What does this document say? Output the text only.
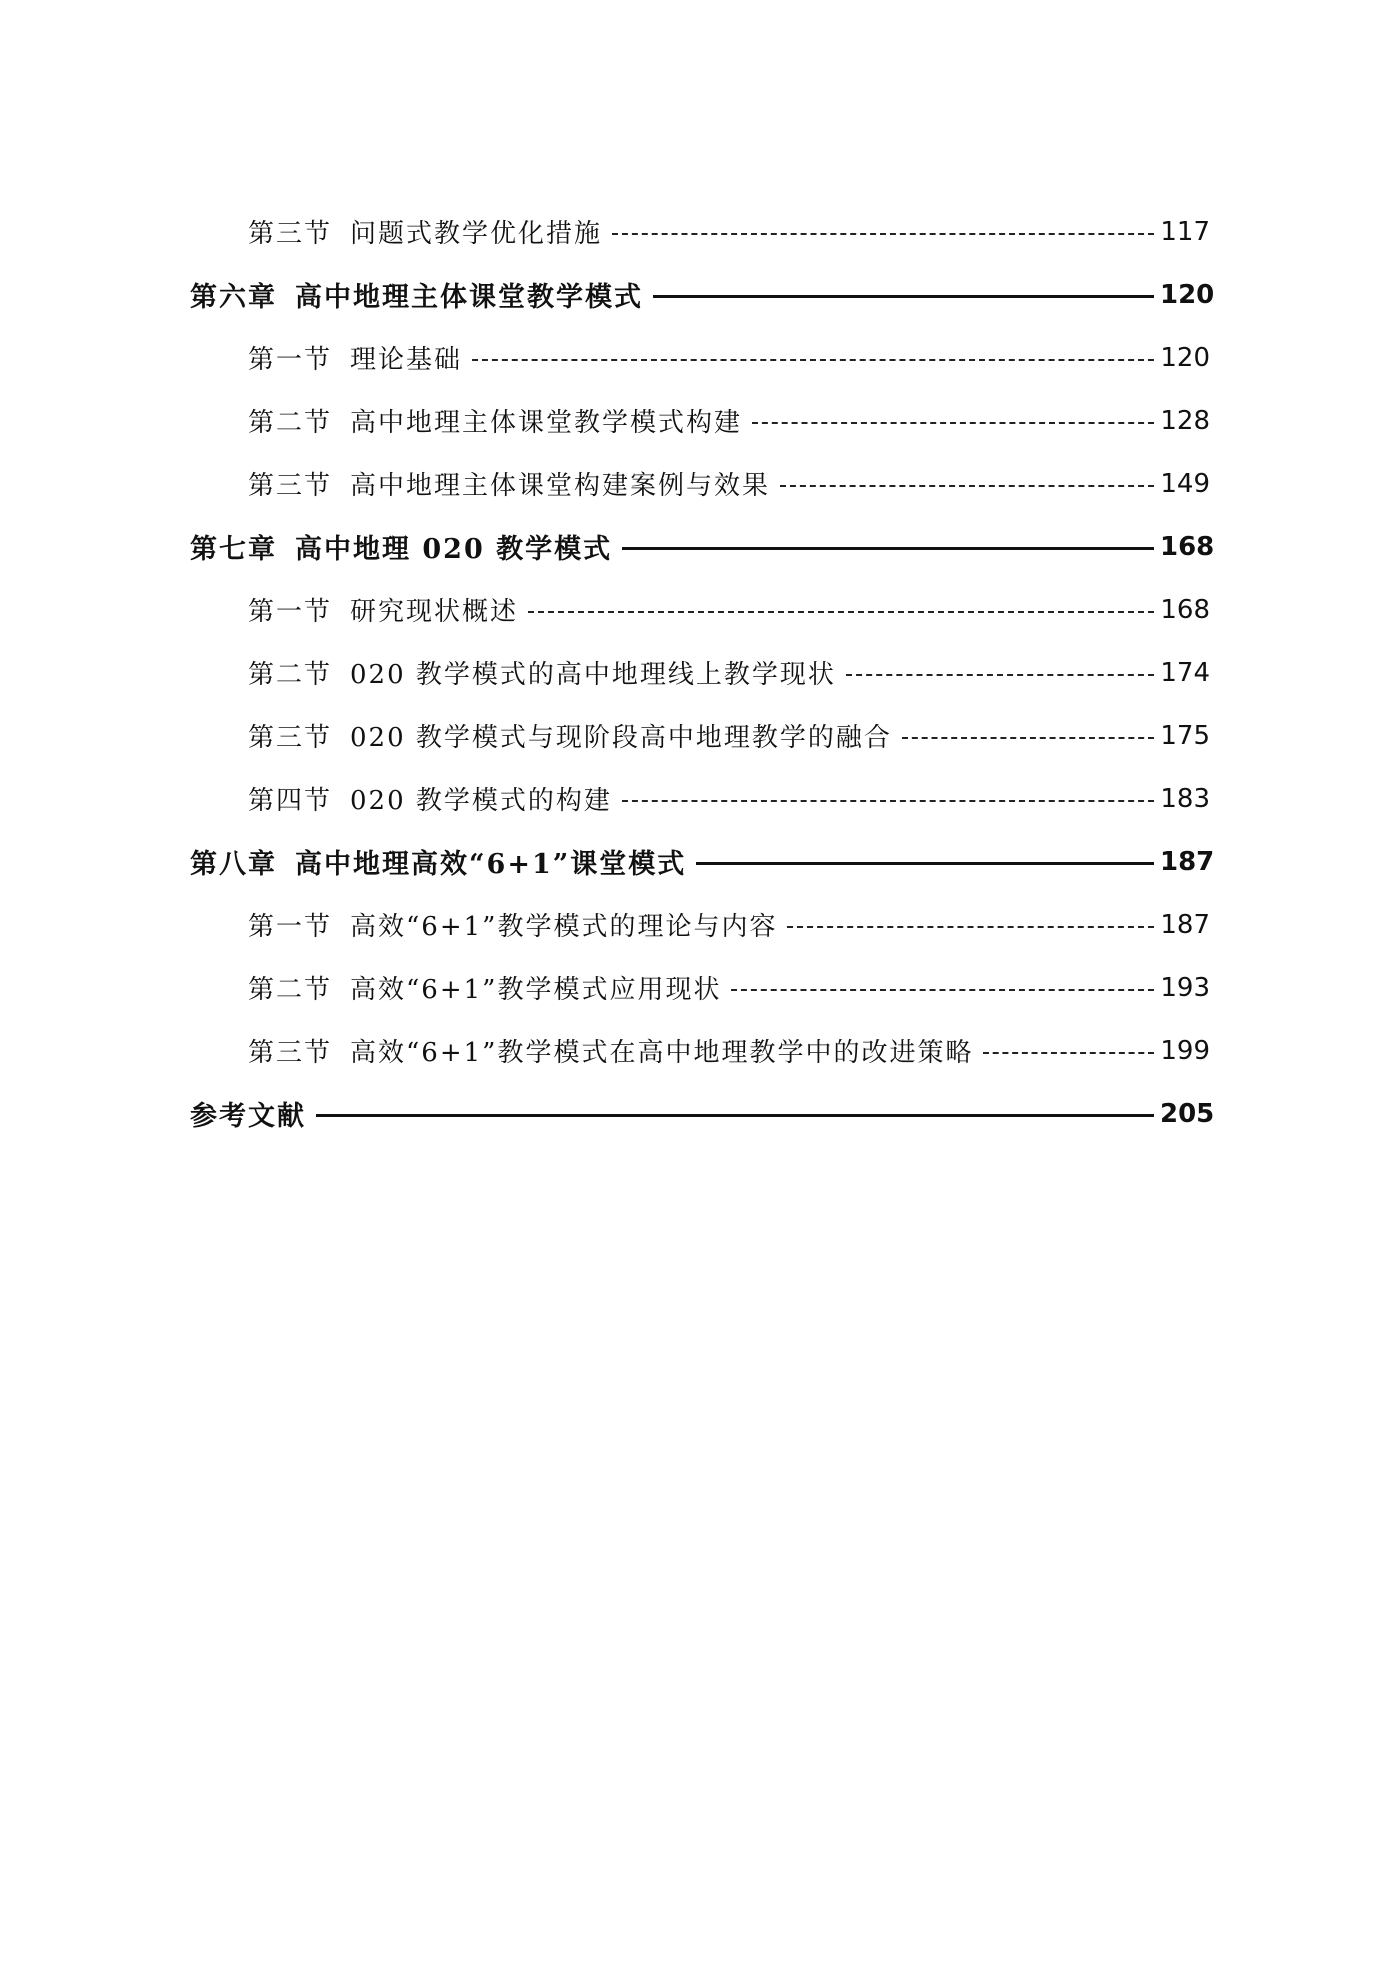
第三节 问题式教学优化措施	117
第六章 高中地理主体课堂教学模式	120
第一节 理论基础	120
第二节 高中地理主体课堂教学模式构建	128
第三节 高中地理主体课堂构建案例与效果	149
第七章 高中地理 020 教学模式	168
第一节 研究现状概述	168
第二节 020 教学模式的高中地理线上教学现状	174
第三节 020 教学模式与现阶段高中地理教学的融合	175
第四节 020 教学模式的构建	183
第八章 高中地理高效“6+1”课堂模式	187
第一节 高效“6+1”教学模式的理论与内容	187
第二节 高效“6+1”教学模式应用现状	193
第三节 高效“6+1”教学模式在高中地理教学中的改进策略	199
参考文献	205
